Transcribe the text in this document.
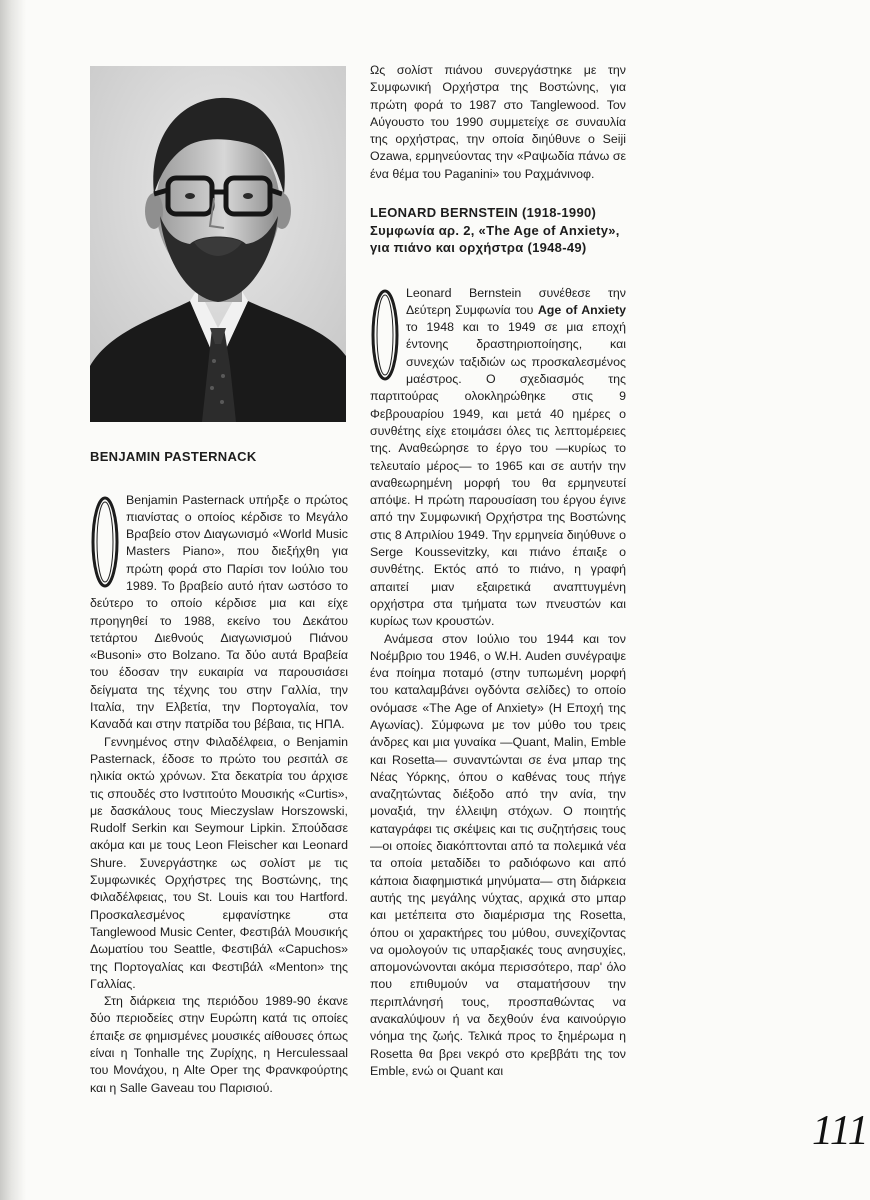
BENJAMIN PASTERNACK

Benjamin Pasternack υπήρξε ο πρώτος πιανίστας ο οποίος κέρδισε το Μεγάλο Βραβείο στον Διαγωνισμό «World Music Masters Piano», που διεξήχθη για πρώτη φορά στο Παρίσι τον Ιούλιο του 1989. Το βραβείο αυτό ήταν ωστόσο το δεύτερο το οποίο κέρδισε μια και είχε προηγηθεί το 1988, εκείνο του Δεκάτου τετάρτου Διεθνούς Διαγωνισμού Πιάνου «Busoni» στο Bolzano. Τα δύο αυτά Βραβεία του έδοσαν την ευκαιρία να παρουσιάσει δείγματα της τέχνης του στην Γαλλία, την Ιταλία, την Ελβετία, την Πορτογαλία, τον Καναδά και στην πατρίδα του βέβαια, τις ΗΠΑ.

Γεννημένος στην Φιλαδέλφεια, ο Benjamin Pasternack, έδοσε το πρώτο του ρεσιτάλ σε ηλικία οκτώ χρόνων. Στα δεκατρία του άρχισε τις σπουδές στο Ινστιτούτο Μουσικής «Curtis», με δασκάλους τους Mieczyslaw Horszowski, Rudolf Serkin και Seymour Lipkin. Σπούδασε ακόμα και με τους Leon Fleischer και Leonard Shure. Συνεργάστηκε ως σολίστ με τις Συμφωνικές Ορχήστρες της Βοστώνης, της Φιλαδέλφειας, του St. Louis και του Hartford. Προσκαλεσμένος εμφανίστηκε στα Tanglewood Music Center, Φεστιβάλ Μουσικής Δωματίου του Seattle, Φεστιβάλ «Capuchos» της Πορτογαλίας και Φεστιβάλ «Menton» της Γαλλίας.

Στη διάρκεια της περιόδου 1989-90 έκανε δύο περιοδείες στην Ευρώπη κατά τις οποίες έπαιξε σε φημισμένες μουσικές αίθουσες όπως είναι η Tonhalle της Ζυρίχης, η Herculessaal του Μονάχου, η Alte Oper της Φρανκφούρτης και η Salle Gaveau του Παρισιού.

Ως σολίστ πιάνου συνεργάστηκε με την Συμφωνική Ορχήστρα της Βοστώνης, για πρώτη φορά το 1987 στο Tanglewood. Τον Αύγουστο του 1990 συμμετείχε σε συναυλία της ορχήστρας, την οποία διηύθυνε ο Seiji Ozawa, ερμηνεύοντας την «Ραψωδία πάνω σε ένα θέμα του Paganini» του Ραχμάνινοφ.

LEONARD BERNSTEIN (1918-1990)
Συμφωνία αρ. 2, «The Age of Anxiety», για πιάνο και ορχήστρα (1948-49)

Leonard Bernstein συνέθεσε την Δεύτερη Συμφωνία του Age of Anxiety το 1948 και το 1949 σε μια εποχή έντονης δραστηριοποίησης, και συνεχών ταξιδιών ως προσκαλεσμένος μαέστρος. Ο σχεδιασμός της παρτιτούρας ολοκληρώθηκε στις 9 Φεβρουαρίου 1949, και μετά 40 ημέρες ο συνθέτης είχε ετοιμάσει όλες τις λεπτομέρειες της. Αναθεώρησε το έργο του —κυρίως το τελευταίο μέρος— το 1965 και σε αυτήν την αναθεωρημένη μορφή του θα ερμηνευτεί απόψε. Η πρώτη παρουσίαση του έργου έγινε από την Συμφωνική Ορχήστρα της Βοστώνης στις 8 Απριλίου 1949. Την ερμηνεία διηύθυνε ο Serge Koussevitzky, και πιάνο έπαιξε ο συνθέτης. Εκτός από το πιάνο, η γραφή απαιτεί μιαν εξαιρετικά αναπτυγμένη ορχήστρα στα τμήματα των πνευστών και κυρίως των κρουστών.

Ανάμεσα στον Ιούλιο του 1944 και τον Νοέμβριο του 1946, ο W.H. Auden συνέγραψε ένα ποίημα ποταμό (στην τυπωμένη μορφή του καταλαμβάνει ογδόντα σελίδες) το οποίο ονόμασε «The Age of Anxiety» (Η Εποχή της Αγωνίας). Σύμφωνα με τον μύθο του τρεις άνδρες και μια γυναίκα —Quant, Malin, Emble και Rosetta— συναντώνται σε ένα μπαρ της Νέας Υόρκης, όπου ο καθένας τους πήγε αναζητώντας διέξοδο από την ανία, την μοναξιά, την έλλειψη στόχων. Ο ποιητής καταγράφει τις σκέψεις και τις συζητήσεις τους —οι οποίες διακόπτονται από τα πολεμικά νέα τα οποία μεταδίδει το ραδιόφωνο και από κάποια διαφημιστικά μηνύματα— στη διάρκεια αυτής της μεγάλης νύχτας, αρχικά στο μπαρ και μετέπειτα στο διαμέρισμα της Rosetta, όπου οι χαρακτήρες του μύθου, συνεχίζοντας να ομολογούν τις υπαρξιακές τους ανησυχίες, απομονώνονται ακόμα περισσότερο, παρ' όλο που επιθυμούν να σταματήσουν την περιπλάνησή τους, προσπαθώντας να ανακαλύψουν ή να δεχθούν ένα καινούργιο νόημα της ζωής. Τελικά προς το ξημέρωμα η Rosetta θα βρει νεκρό στο κρεββάτι της τον Emble, ενώ οι Quant και

111
